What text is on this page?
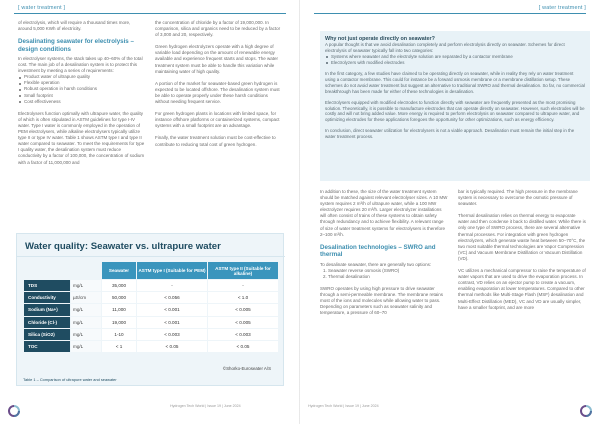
[ water treatment ]

of electrolysis, which will require a thousand times more, around 5,000 KWh of electricity.

Desalinating seawater for electrolysis – design conditions

In electrolyser systems, the stack takes up 40–60% of the total cost. The main job of a desalination system is to protect this investment by meeting a series of requirements:

Product water of ultrapure quality
Flexible operation
Robust operation in harsh conditions
Small footprint
Cost effectiveness

Electrolysers function optimally with ultrapure water, the quality of which is often stipulated in ASTM guidelines for type I-IV water. Type I water is commonly employed in the operation of PEM electrolysers, while alkaline electrolysers typically utilize type II or type IV water. Table 1 shows ASTM type I and type II water compared to seawater. To meet the requirements for type I quality water, the desalination system must reduce conductivity by a factor of 100,000, the concentration of sodium with a factor of 11,000,000 and

the concentration of chloride by a factor of 19,000,000. In comparison, silica and organics need to be reduced by a factor of 3,000 and 20, respectively.

Green hydrogen electrolyzers operate with a high degree of variable load depending on the amount of renewable energy available and experience frequent starts and stops. The water treatment system must be able to handle this variation while maintaining water of high quality.

A portion of the market for seawater-based green hydrogen is expected to be located offshore. The desalination system must be able to operate properly under these harsh conditions without needing frequent service.

For green hydrogen plants in locations with limited space, for instance offshore platforms or containerized systems, compact systems with a small footprint are an advantage.

Finally, the water treatment solution must be cost-effective to contribute to reducing total cost of green hydrogen.

Water quality: Seawater vs. ultrapure water
		Seawater	ASTM type I (Suitable for PEM)	ASTM type II (Suitable for alkaline)
TDS	mg/L	35,000	-	-
Conductivity	µS/cm	50,000	< 0.056	< 1.0
Sodium (Na+)	mg/L	11,000	< 0.001	< 0.005
Chloride (Cl-)	mg/L	19,000	< 0.001	< 0.005
Silica (SiO2)	mg/L	1-10	< 0.003	< 0.003
TOC	mg/L	< 1	< 0.05	< 0.05
©Shorko-Euroseater A/S
Table 1 – Comparison of ultrapure water and seawater
Hydrogen Tech World | Issue 19 | June 2024
[ water treatment ]

In addition to these, the size of the water treatment system should be matched against relevant electrolyser sizes. A 10 MW system requires 2 m³/h of ultrapure water, while a 100 MW electrolyzer requires 20 m³/h. Larger electrolyzer installations will often consist of trains of these systems to obtain safety through redundancy and to achieve flexibility. A relevant range of size of water treatment systems for electrolysers is therefore 2–100 m³/h.

Desalination technologies – SWRO and thermal

To desalinate seawater, there are generally two options:

1. Seawater reverse osmosis (SWRO)
2. Thermal desalination

SWRO operates by using high pressure to drive seawater through a semi-permeable membrane. The membrane retains most of the ions and molecules while allowing water to pass. Depending on parameters such as seawater salinity and temperature, a pressure of 60–70

bar is typically required. The high pressure in the membrane system is necessary to overcome the osmotic pressure of seawater.

Thermal desalination relies on thermal energy to evaporate water and then condense it back to distilled water. While there is only one type of SWRO process, there are several alternative thermal processes. For integration with green hydrogen electrolyzers, which generate waste heat between 50–70°C, the two most suitable thermal technologies are Vapor Compression (VC) and Vacuum Membrane Distillation or Vacuum Distillation (VD).

VC utilizes a mechanical compressor to raise the temperature of water vapors that are used to drive the evaporation process. In contrast, VD relies on an ejector pump to create a vacuum, enabling evaporation at lower temperatures. Compared to other thermal methods like Multi-Stage Flash (MSF) desalination and Multi-Effect Distillation (MED), VC and VD are usually simpler, have a smaller footprint, and are more

Hydrogen Tech World | Issue 19 | June 2024
Why not just operate directly on seawater?

A popular thought is that we avoid desalination completely and perform electrolysis directly on seawater. Schemes for direct electrolysis of seawater typically fall into two categories:

Systems where seawater and the electrolyte solution are separated by a contactor membrane
Electrolyzers with modified electrodes

In the first category, a few studies have claimed to be operating directly on seawater, while in reality they rely on water treatment using a contactor membrane. This could for instance be a forward osmosis membrane or a membrane distillation setup. These schemes do not avoid water treatment but suggest an alternative to traditional SWRO and thermal desalination. So far, no commercial breakthrough has been made for either of these technologies in desalination.

Electrolysers equipped with modified electrodes to function directly with seawater are frequently presented as the most promising solution. Theoretically, it is possible to manufacture electrodes that can operate directly on seawater. However, such electrodes will be costly and will not bring added value. More energy is required to perform electrolysis on seawater compared to ultrapure water, and optimizing electrodes for these applications foregoes the opportunity for other optimizations, such as energy efficiency.

In conclusion, direct seawater utilization for electrolysers is not a viable approach. Desalination must remain the initial step in the water treatment process.
